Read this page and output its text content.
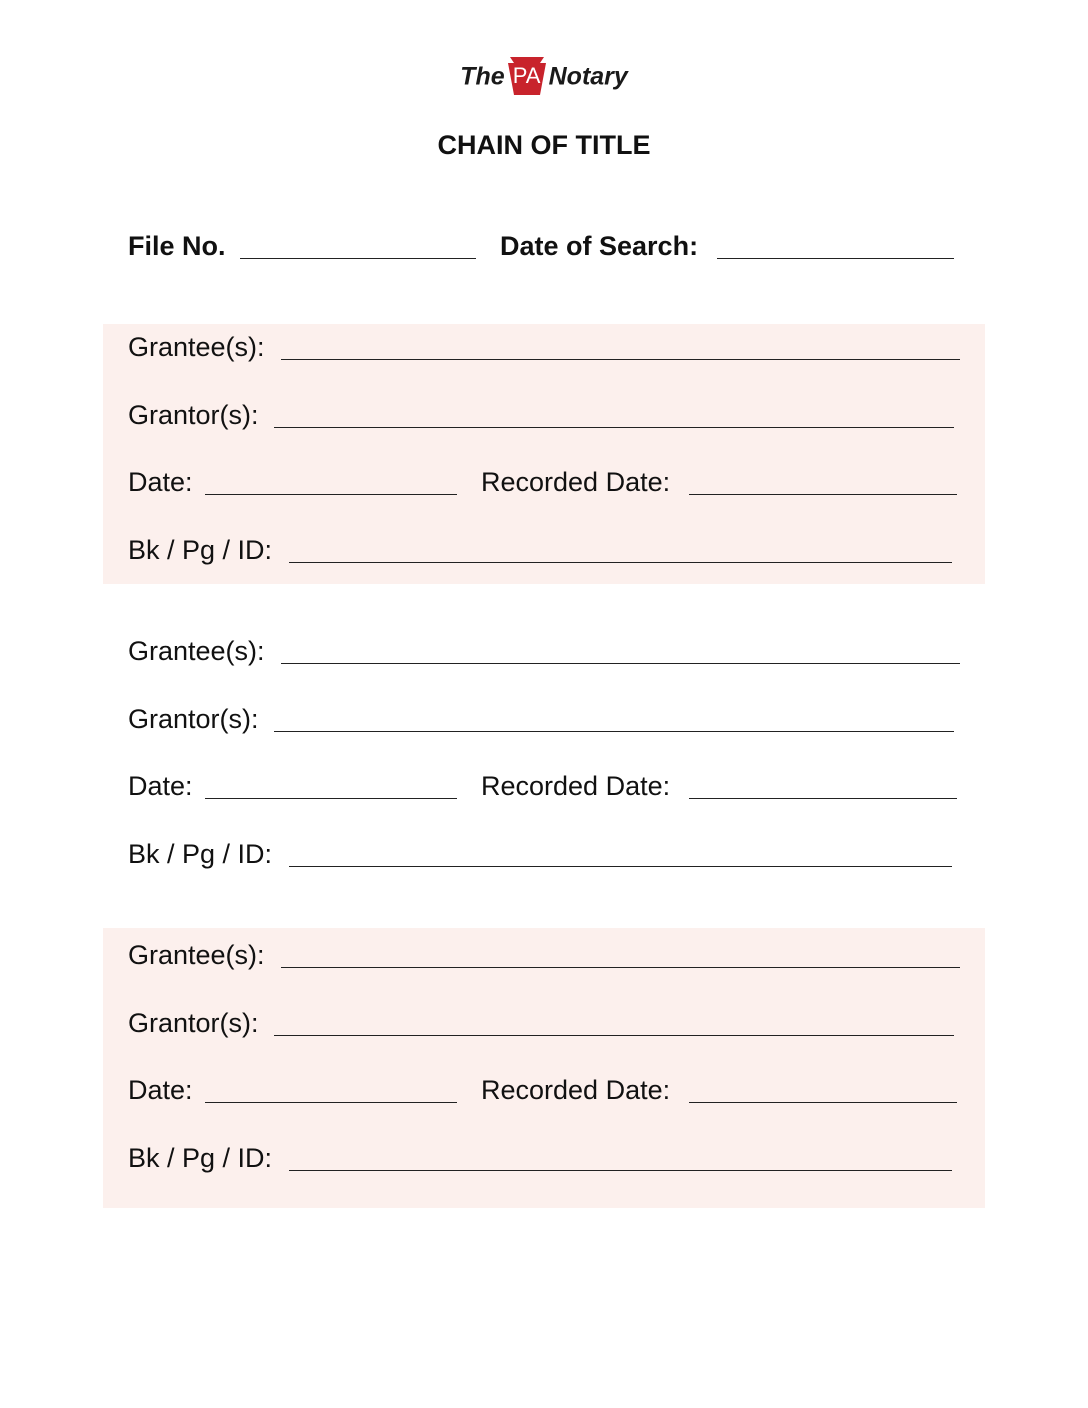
The PA Notary
CHAIN OF TITLE
File No.	Date of Search:
Grantee(s):
Grantor(s):
Date:	Recorded Date:
Bk / Pg / ID:
Grantee(s):
Grantor(s):
Date:	Recorded Date:
Bk / Pg / ID:
Grantee(s):
Grantor(s):
Date:	Recorded Date:
Bk / Pg / ID:
